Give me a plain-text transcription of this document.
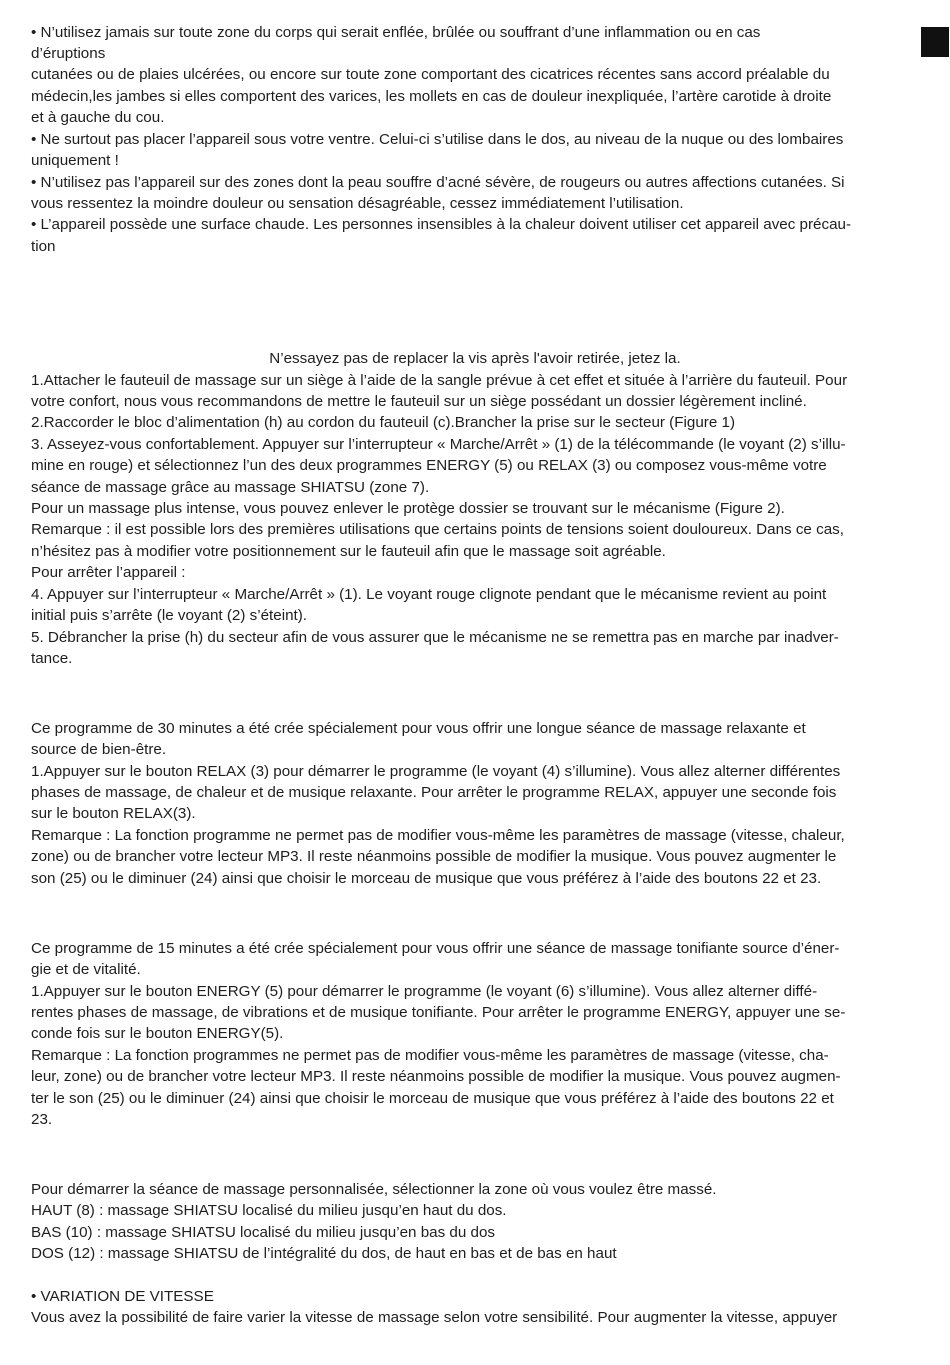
• N’utilisez jamais sur toute zone du corps qui serait enflée, brûlée ou souffrant d’une inflammation ou en cas

d’éruptions

cutanées ou de plaies ulcérées, ou encore sur toute zone comportant des cicatrices récentes sans accord préalable du

médecin,les jambes si elles comportent des varices, les mollets en cas de douleur inexpliquée, l’artère carotide à droite

et à gauche du cou.

• Ne surtout pas placer l’appareil sous votre ventre. Celui-ci s’utilise dans le dos, au niveau de la nuque ou des lombaires

uniquement !

• N’utilisez pas l’appareil sur des zones dont la peau souffre d’acné sévère, de rougeurs ou autres affections cutanées. Si

vous ressentez la moindre douleur ou sensation désagréable, cessez immédiatement l’utilisation.

• L’appareil possède une surface chaude. Les personnes insensibles à la chaleur doivent utiliser cet appareil avec précau-

tion

N’essayez pas de replacer la vis après l'avoir retirée, jetez la.

1.Attacher le fauteuil de massage sur un siège à l’aide de la sangle prévue à cet effet et située à l’arrière du fauteuil. Pour

votre confort, nous vous recommandons de mettre le fauteuil sur un siège possédant un dossier légèrement incliné.

2.Raccorder le bloc d’alimentation (h) au cordon du fauteuil (c).Brancher la prise sur le secteur (Figure 1)

3. Asseyez-vous confortablement. Appuyer sur l’interrupteur « Marche/Arrêt » (1) de la télécommande (le voyant (2) s’illu-

mine en rouge) et sélectionnez l’un des deux programmes ENERGY (5) ou RELAX (3) ou composez vous-même votre

séance de massage grâce au massage SHIATSU (zone 7).

Pour un massage plus intense, vous pouvez enlever le protège dossier se trouvant sur le mécanisme (Figure 2).

Remarque : il est possible lors des premières utilisations que certains points de tensions soient douloureux. Dans ce cas,

n’hésitez pas à modifier votre positionnement sur le fauteuil afin que le massage soit agréable.

Pour arrêter l’appareil :

4. Appuyer sur l’interrupteur « Marche/Arrêt » (1). Le voyant rouge clignote pendant que le mécanisme revient au point

initial puis s’arrête (le voyant (2) s’éteint).

5. Débrancher la prise (h) du secteur afin de vous assurer que le mécanisme ne se remettra pas en marche par inadver-

tance.

Ce programme de 30 minutes a été crée spécialement pour vous offrir une longue séance de massage relaxante et

source de bien-être.

1.Appuyer sur le bouton RELAX (3) pour démarrer le programme (le voyant (4) s’illumine). Vous allez alterner différentes

phases de massage, de chaleur et de musique relaxante. Pour arrêter le programme RELAX, appuyer une seconde fois

sur le bouton RELAX(3).

Remarque : La fonction programme ne permet pas de modifier vous-même les paramètres de massage (vitesse, chaleur,

zone) ou de brancher votre lecteur MP3. Il reste néanmoins possible de modifier la musique. Vous pouvez augmenter le

son (25) ou le diminuer (24) ainsi que choisir le morceau de musique que vous préférez à l’aide des boutons 22 et 23.

Ce programme de 15 minutes a été crée spécialement pour vous offrir une séance de massage tonifiante source d’éner-

gie et de vitalité.

1.Appuyer sur le bouton ENERGY (5) pour démarrer le programme (le voyant (6) s’illumine). Vous allez alterner diffé-

rentes phases de massage, de vibrations et de musique tonifiante. Pour arrêter le programme ENERGY, appuyer une se-

conde fois sur le bouton ENERGY(5).

Remarque : La fonction programmes ne permet pas de modifier vous-même les paramètres de massage (vitesse, cha-

leur, zone) ou de brancher votre lecteur MP3. Il reste néanmoins possible de modifier la musique. Vous pouvez augmen-

ter le son (25) ou le diminuer (24) ainsi que choisir le morceau de musique que vous préférez à l’aide des boutons 22 et

23.

Pour démarrer la séance de massage personnalisée, sélectionner la zone où vous voulez être massé.

HAUT (8) : massage SHIATSU localisé du milieu jusqu’en haut du dos.

BAS (10) : massage SHIATSU localisé du milieu jusqu’en bas du dos

DOS (12) : massage SHIATSU de l’intégralité du dos, de haut en bas et de bas en haut

• VARIATION DE VITESSE

Vous avez la possibilité de faire varier la vitesse de massage selon votre sensibilité. Pour augmenter la vitesse, appuyer
